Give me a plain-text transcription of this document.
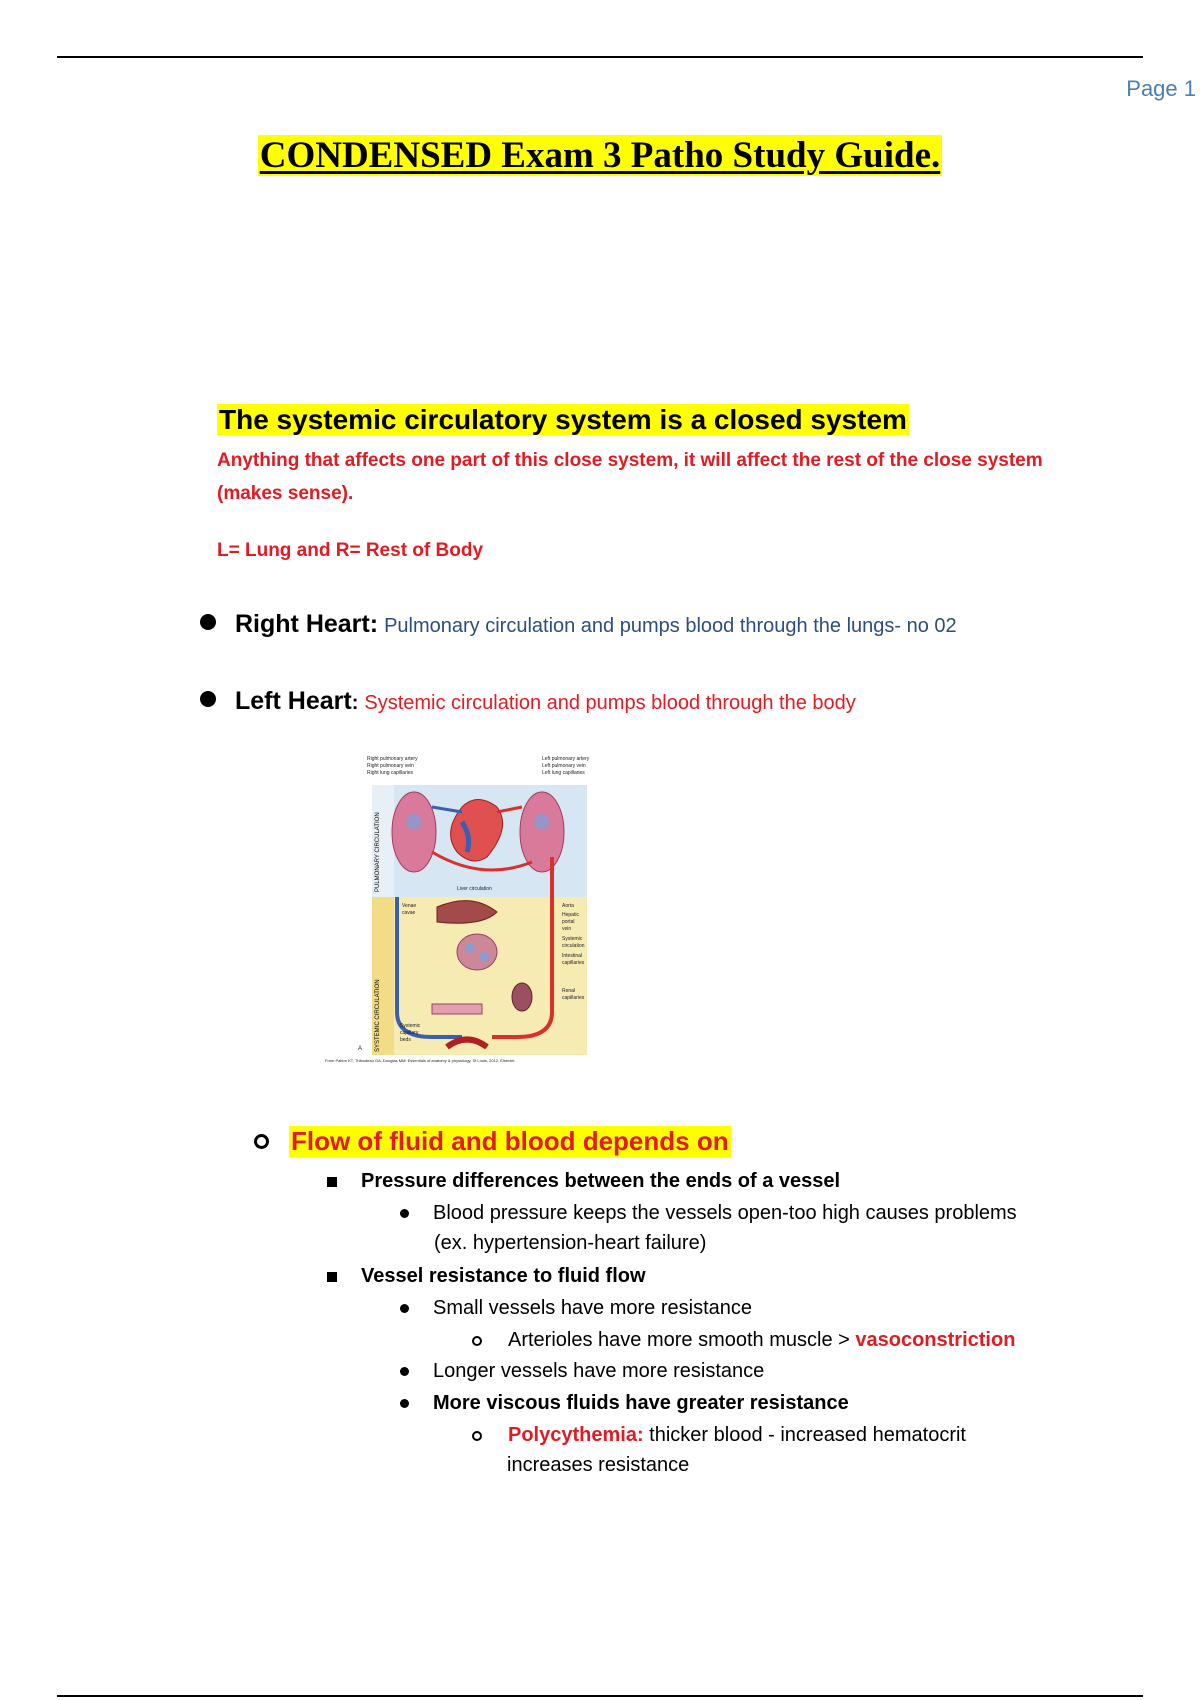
Page 1
CONDENSED Exam 3 Patho Study Guide.
The systemic circulatory system is a closed system
Anything that affects one part of this close system, it will affect the rest of the close system (makes sense).
L= Lung and R= Rest of Body
Right Heart: Pulmonary circulation and pumps blood through the lungs- no 02
Left Heart : Systemic circulation and pumps blood through the body
PULMONARY CIRCULATION
SYSTEMIC CIRCULATION
Right pulmonary artery
Right pulmonary vein
Right lung capillaries
Left pulmonary artery
Left pulmonary vein
Left lung capillaries
Venae
cavae
Liver circulation
Aorta
Hepatic
portal
vein
Systemic
circulation
Intestinal
capillaries
Renal
capillaries
Systemic
capillary
beds
A
From Patton KT, Thibodeau GA, Douglas MM: Essentials of anatomy & physiology, St Louis, 2012, Elsevier.
Flow of fluid and blood depends on
Pressure differences between the ends of a vessel
Blood pressure keeps the vessels open-too high causes problems
(ex. hypertension-heart failure)
Vessel resistance to fluid flow
Small vessels have more resistance
Arterioles have more smooth muscle > vasoconstriction
Longer vessels have more resistance
More viscous fluids have greater resistance
Polycythemia: thicker blood - increased hematocrit
increases resistance
